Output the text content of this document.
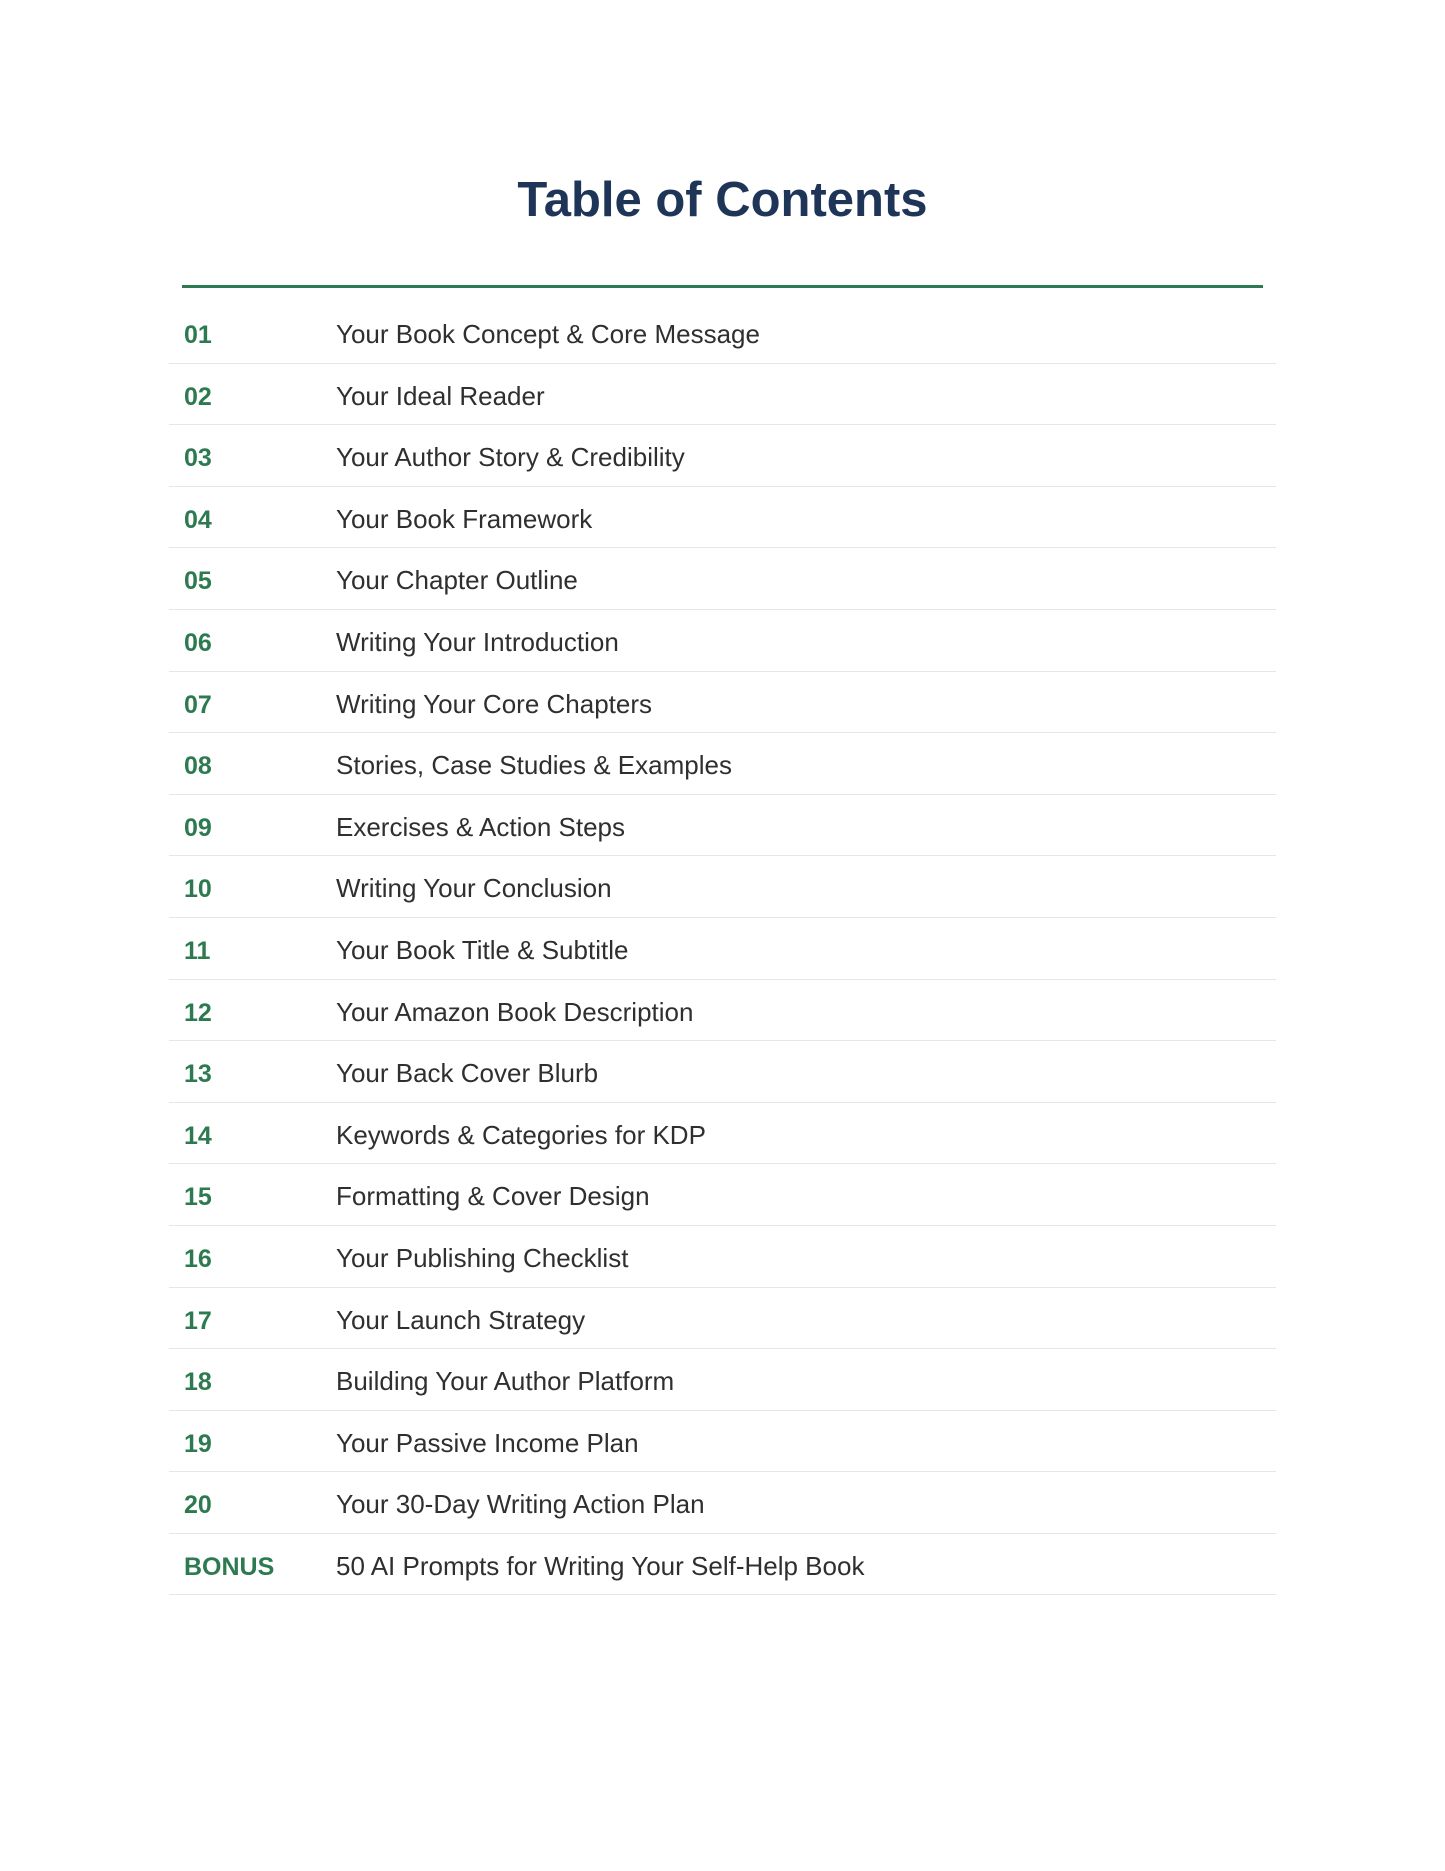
Table of Contents
01	Your Book Concept & Core Message
02	Your Ideal Reader
03	Your Author Story & Credibility
04	Your Book Framework
05	Your Chapter Outline
06	Writing Your Introduction
07	Writing Your Core Chapters
08	Stories, Case Studies & Examples
09	Exercises & Action Steps
10	Writing Your Conclusion
11	Your Book Title & Subtitle
12	Your Amazon Book Description
13	Your Back Cover Blurb
14	Keywords & Categories for KDP
15	Formatting & Cover Design
16	Your Publishing Checklist
17	Your Launch Strategy
18	Building Your Author Platform
19	Your Passive Income Plan
20	Your 30-Day Writing Action Plan
BONUS 50 AI Prompts for Writing Your Self-Help Book
